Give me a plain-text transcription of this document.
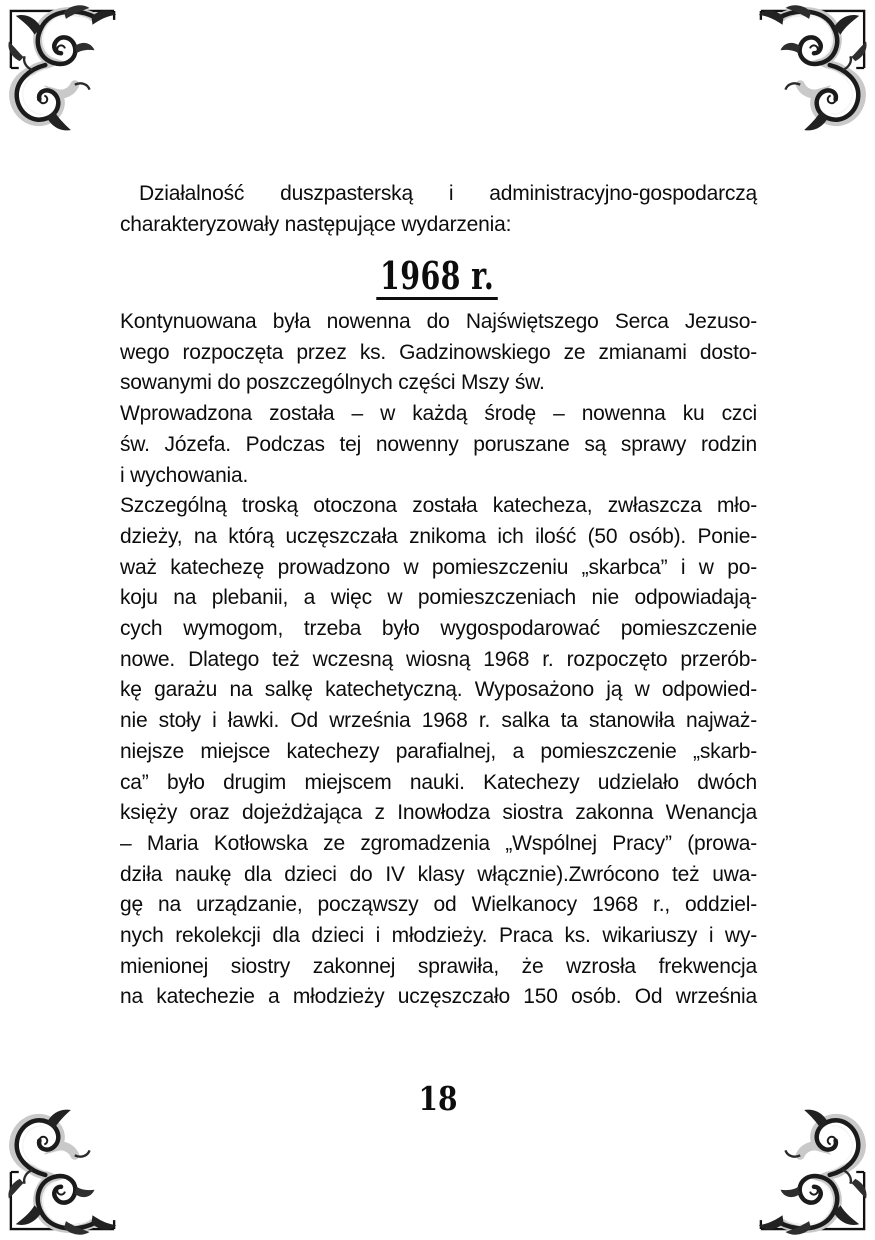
Działalność duszpasterską i administracyjno-gospodarczą
charakteryzowały następujące wydarzenia:
1968 r.
Kontynuowana była nowenna do Najświętszego Serca Jezuso-
wego rozpoczęta przez ks. Gadzinowskiego ze zmianami dosto-
sowanymi do poszczególnych części Mszy św.
Wprowadzona została – w każdą środę – nowenna ku czci
św. Józefa. Podczas tej nowenny poruszane są sprawy rodzin
i wychowania.
Szczególną troską otoczona została katecheza, zwłaszcza mło-
dzieży, na którą uczęszczała znikoma ich ilość (50 osób). Ponie-
waż katechezę prowadzono w pomieszczeniu „skarbca” i w po-
koju na plebanii, a więc w pomieszczeniach nie odpowiadają-
cych wymogom, trzeba było wygospodarować pomieszczenie
nowe. Dlatego też wczesną wiosną 1968 r. rozpoczęto przerób-
kę garażu na salkę katechetyczną. Wyposażono ją w odpowied-
nie stoły i ławki. Od września 1968 r. salka ta stanowiła najważ-
niejsze miejsce katechezy parafialnej, a pomieszczenie „skarb-
ca” było drugim miejscem nauki. Katechezy udzielało dwóch
księży oraz dojeżdżająca z Inowłodza siostra zakonna Wenancja
– Maria Kotłowska ze zgromadzenia „Wspólnej Pracy” (prowa-
dziła naukę dla dzieci do IV klasy włącznie).Zwrócono też uwa-
gę na urządzanie, począwszy od Wielkanocy 1968 r., oddziel-
nych rekolekcji dla dzieci i młodzieży. Praca ks. wikariuszy i wy-
mienionej siostry zakonnej sprawiła, że wzrosła frekwencja
na katechezie a młodzieży uczęszczało 150 osób. Od września
18
